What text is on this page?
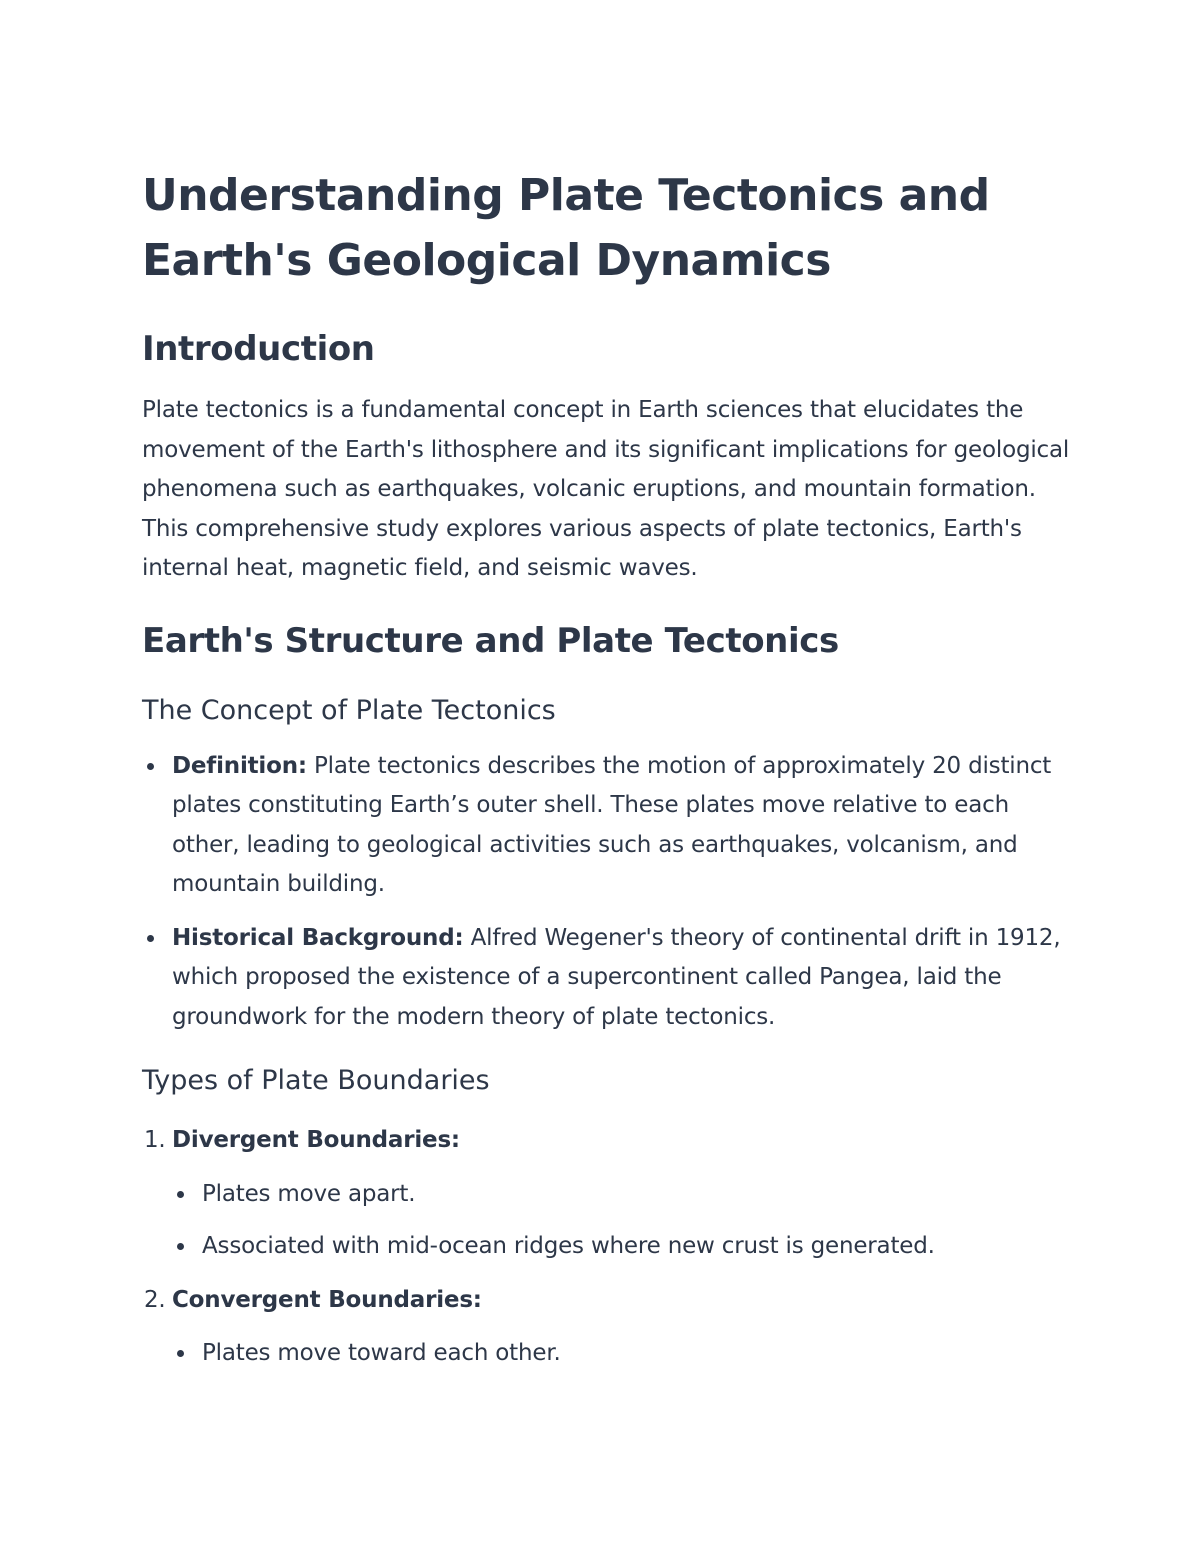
Understanding Plate Tectonics and Earth's Geological Dynamics
Introduction

Plate tectonics is a fundamental concept in Earth sciences that elucidates the movement of the Earth's lithosphere and its significant implications for geological phenomena such as earthquakes, volcanic eruptions, and mountain formation. This comprehensive study explores various aspects of plate tectonics, Earth's internal heat, magnetic field, and seismic waves.

Earth's Structure and Plate Tectonics
The Concept of Plate Tectonics
Definition: Plate tectonics describes the motion of approximately 20 distinct plates constituting Earth’s outer shell. These plates move relative to each other, leading to geological activities such as earthquakes, volcanism, and mountain building.
Historical Background: Alfred Wegener's theory of continental drift in 1912, which proposed the existence of a supercontinent called Pangea, laid the groundwork for the modern theory of plate tectonics.
Types of Plate Boundaries
1. Divergent Boundaries:
Plates move apart.
Associated with mid-ocean ridges where new crust is generated.
2. Convergent Boundaries:
Plates move toward each other.
